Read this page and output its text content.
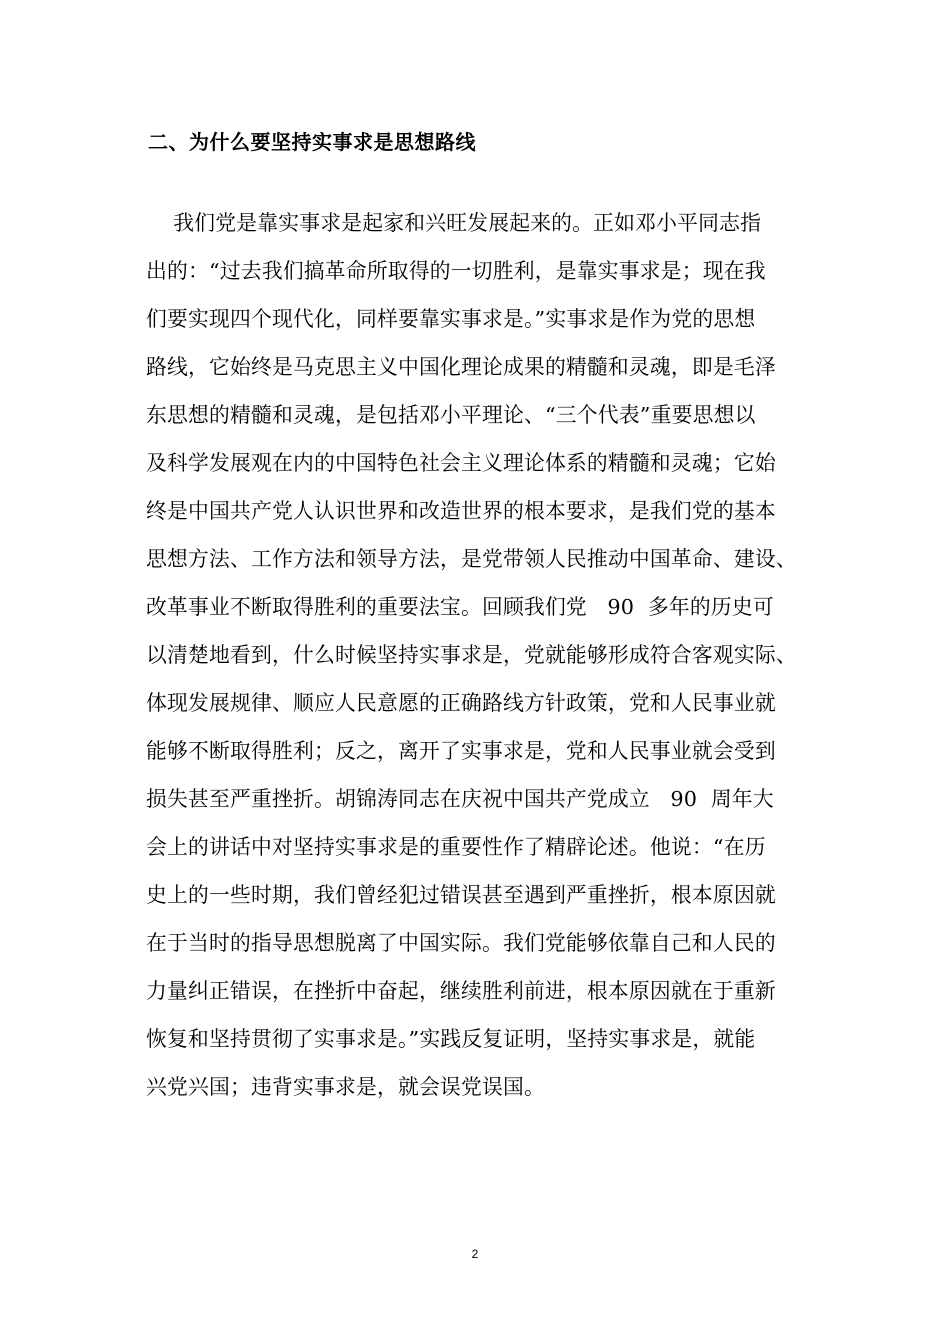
二、为什么要坚持实事求是思想路线
我们党是靠实事求是起家和兴旺发展起来的。正如邓小平同志指
出的：“过去我们搞革命所取得的一切胜利，是靠实事求是；现在我
们要实现四个现代化，同样要靠实事求是。”实事求是作为党的思想
路线，它始终是马克思主义中国化理论成果的精髓和灵魂，即是毛泽
东思想的精髓和灵魂，是包括邓小平理论、“三个代表”重要思想以
及科学发展观在内的中国特色社会主义理论体系的精髓和灵魂；它始
终是中国共产党人认识世界和改造世界的根本要求，是我们党的基本
思想方法、工作方法和领导方法，是党带领人民推动中国革命、建设、
改革事业不断取得胜利的重要法宝。回顾我们党   90  多年的历史可
以清楚地看到，什么时候坚持实事求是，党就能够形成符合客观实际、
体现发展规律、顺应人民意愿的正确路线方针政策，党和人民事业就
能够不断取得胜利；反之，离开了实事求是，党和人民事业就会受到
损失甚至严重挫折。胡锦涛同志在庆祝中国共产党成立   90  周年大
会上的讲话中对坚持实事求是的重要性作了精辟论述。他说：“在历
史上的一些时期，我们曾经犯过错误甚至遇到严重挫折，根本原因就
在于当时的指导思想脱离了中国实际。我们党能够依靠自己和人民的
力量纠正错误，在挫折中奋起，继续胜利前进，根本原因就在于重新
恢复和坚持贯彻了实事求是。”实践反复证明，坚持实事求是，就能
兴党兴国；违背实事求是，就会误党误国。
2
